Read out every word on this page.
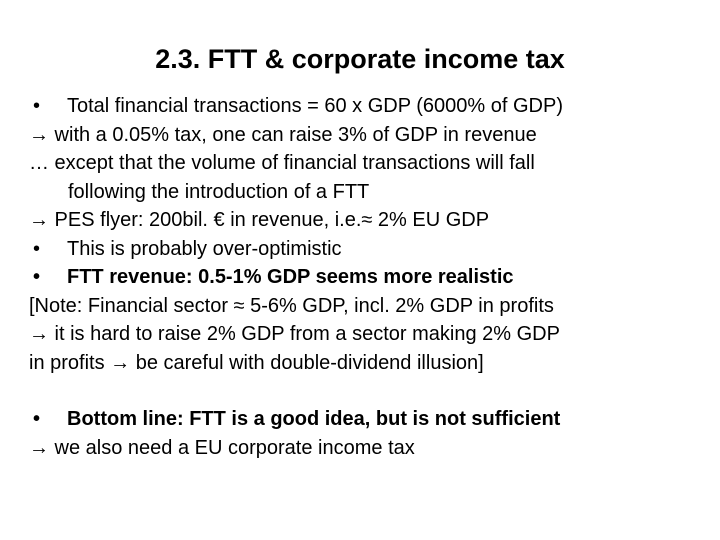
2.3. FTT & corporate income tax
• Total financial transactions = 60 x GDP (6000% of GDP)
→ with a 0.05% tax, one can raise 3% of GDP in revenue
… except that the volume of financial transactions will fall
following the introduction of a FTT
→ PES flyer: 200bil. € in revenue, i.e.≈ 2% EU GDP
• This is probably over-optimistic
• FTT revenue: 0.5-1% GDP seems more realistic
[Note: Financial sector ≈ 5-6% GDP, incl. 2% GDP in profits
→ it is hard to raise 2% GDP from a sector making 2% GDP
in profits → be careful with double-dividend illusion]
• Bottom line: FTT is a good idea, but is not sufficient
→ we also need a EU corporate income tax
